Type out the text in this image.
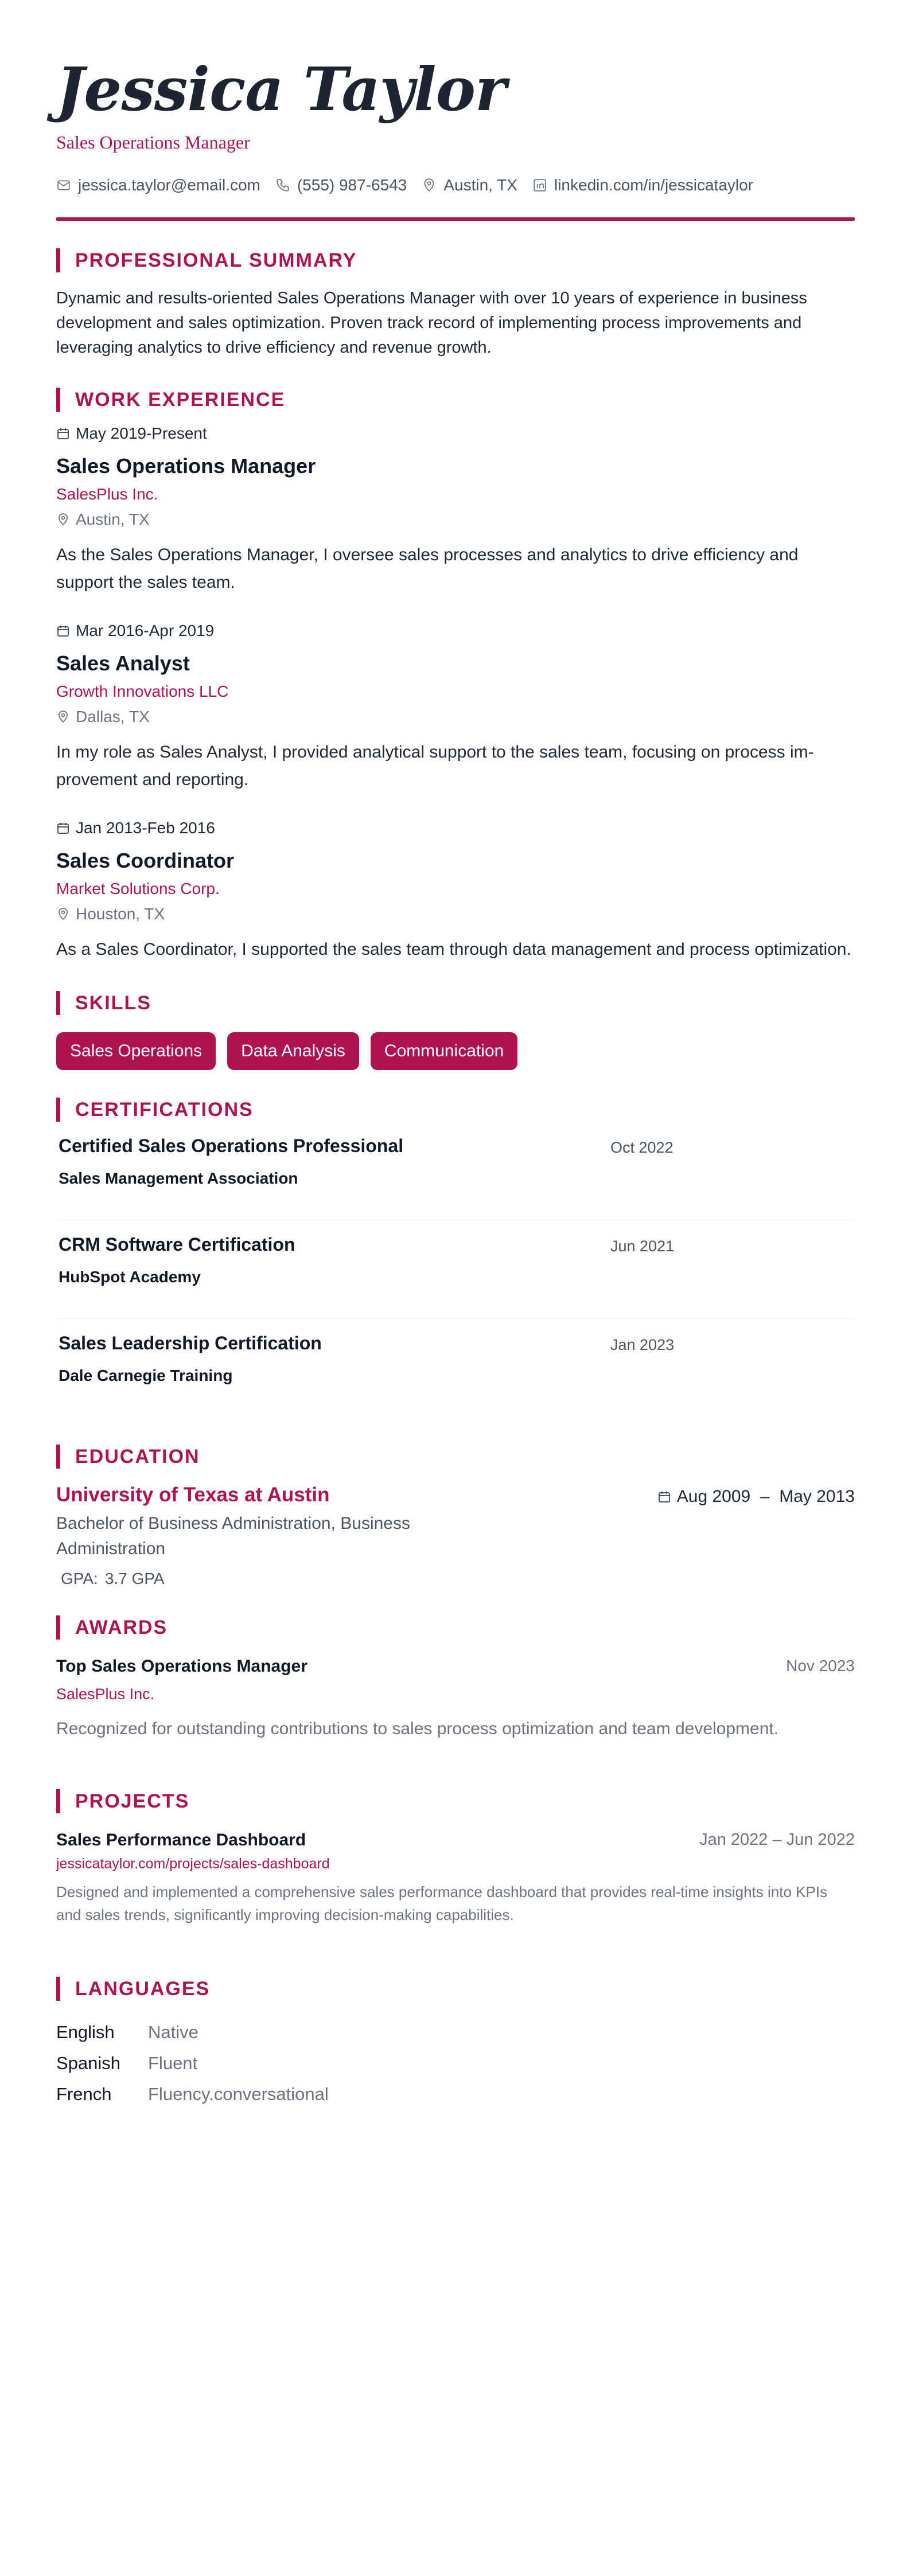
Jessica Taylor
Sales Operations Manager
jessica.taylor@email.com (555) 987-6543 Austin, TX linkedin.com/in/jessicataylor
PROFESSIONAL SUMMARY
Dynamic and results-oriented Sales Operations Manager with over 10 years of experience in business development and sales optimization. Proven track record of implementing process improvements and leveraging analytics to drive efficiency and revenue growth.
WORK EXPERIENCE
May 2019-Present
Sales Operations Manager
SalesPlus Inc.
Austin, TX
As the Sales Operations Manager, I oversee sales processes and analytics to drive efficiency and support the sales team.
Mar 2016-Apr 2019
Sales Analyst
Growth Innovations LLC
Dallas, TX
In my role as Sales Analyst, I provided analytical support to the sales team, focusing on process improvement and reporting.
Jan 2013-Feb 2016
Sales Coordinator
Market Solutions Corp.
Houston, TX
As a Sales Coordinator, I supported the sales team through data management and process optimization.
SKILLS
Sales Operations	Data Analysis	Communication
CERTIFICATIONS
Certified Sales Operations Professional
Sales Management Association
Oct 2022
CRM Software Certification
HubSpot Academy
Jun 2021
Sales Leadership Certification
Dale Carnegie Training
Jan 2023
EDUCATION
University of Texas at Austin
Bachelor of Business Administration, Business Administration
GPA: 3.7 GPA
Aug 2009  –  May 2013
AWARDS
Top Sales Operations Manager
SalesPlus Inc.
Recognized for outstanding contributions to sales process optimization and team development.
Nov 2023
PROJECTS
Sales Performance Dashboard
jessicataylor.com/projects/sales-dashboard
Designed and implemented a comprehensive sales performance dashboard that provides real-time insights into KPIs and sales trends, significantly improving decision-making capabilities.
Jan 2022 – Jun 2022
LANGUAGES
English	Native
Spanish	Fluent
French	Fluency.conversational
